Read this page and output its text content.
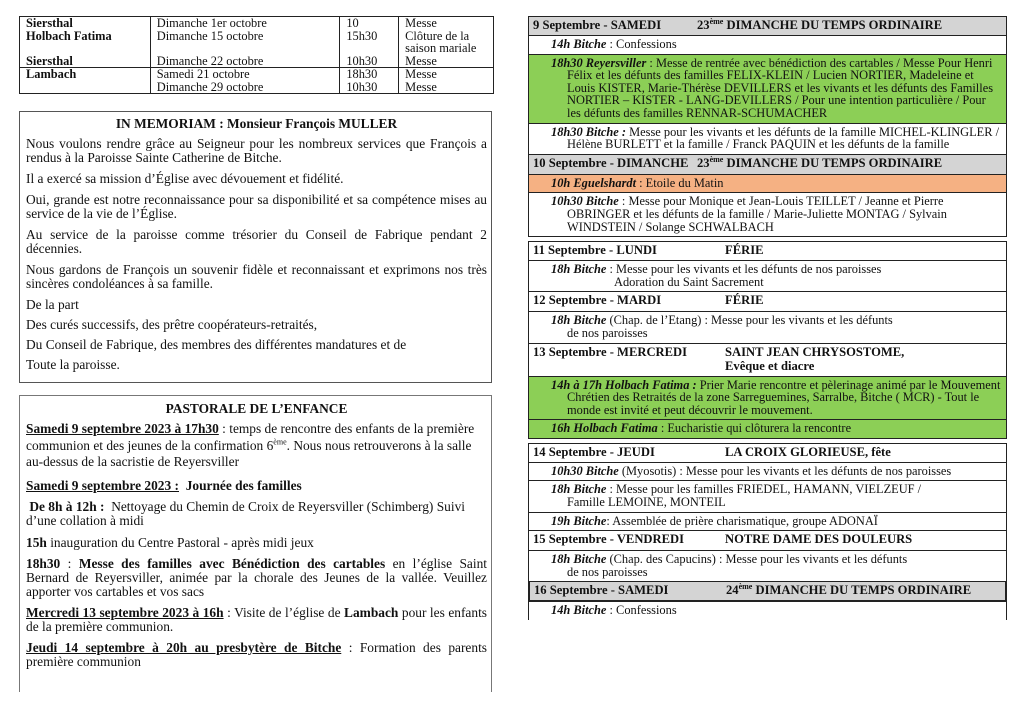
Siersthal	Dimanche 1er octobre	10	Messe
Holbach Fatima	Dimanche 15 octobre	15h30	Clôture de la saison mariale
Siersthal	Dimanche 22 octobre	10h30	Messe
Lambach	Samedi 21 octobre	18h30	Messe
	Dimanche 29 octobre	10h30	Messe
IN MEMORIAM : Monsieur François MULLER

Nous voulons rendre grâce au Seigneur pour les nombreux services que François a rendus à la Paroisse Sainte Catherine de Bitche.

Il a exercé sa mission d’Église avec dévouement et fidélité.

Oui, grande est notre reconnaissance pour sa disponibilité et sa compétence mises au service de la vie de l’Église.

Au service de la paroisse comme trésorier du Conseil de Fabrique pendant 2 décennies.

Nous gardons de François un souvenir fidèle et reconnaissant et exprimons nos très sincères condoléances à sa famille.

De la part

Des curés successifs, des prêtre coopérateurs-retraités,

Du Conseil de Fabrique, des membres des différentes mandatures et de

Toute la paroisse.

PASTORALE DE L’ENFANCE

Samedi 9 septembre 2023 à 17h30 : temps de rencontre des enfants de la première communion et des jeunes de la confirmation 6ème. Nous nous retrouverons à la salle au-dessus de la sacristie de Reyersviller

Samedi 9 septembre 2023 :  Journée des familles

De 8h à 12h :  Nettoyage du Chemin de Croix de Reyersviller (Schimberg) Suivi d’une collation à midi

15h inauguration du Centre Pastoral - après midi jeux

18h30 : Messe des familles avec Bénédiction des cartables en l’église Saint Bernard de Reyersviller, animée par la chorale des Jeunes de la vallée. Veuillez apporter vos cartables et vos sacs

Mercredi 13 septembre 2023 à 16h : Visite de l’église de Lambach pour les enfants de la première communion.

Jeudi 14 septembre à 20h au presbytère de Bitche : Formation des parents première communion

9 Septembre - SAMEDI	23ème DIMANCHE DU TEMPS ORDINAIRE
14h Bitche : Confessions
18h30 Reyersviller : Messe de rentrée avec bénédiction des cartables / Messe Pour Henri Félix et les défunts des familles FELIX-KLEIN / Lucien NORTIER, Madeleine et Louis KISTER, Marie-Thérèse DEVILLERS et les vivants et les défunts des Familles NORTIER – KISTER - LANG-DEVILLERS / Pour une intention particulière / Pour les défunts des familles RENNAR-SCHUMACHER
18h30 Bitche : Messe pour les vivants et les défunts de la famille MICHEL-KLINGLER / Hélène BURLETT et la famille / Franck PAQUIN et les défunts de la famille
10 Septembre - DIMANCHE 23ème DIMANCHE DU TEMPS ORDINAIRE
10h Eguelshardt : Etoile du Matin
10h30 Bitche : Messe pour Monique et Jean-Louis TEILLET / Jeanne et Pierre OBRINGER et les défunts de la famille / Marie-Juliette MONTAG / Sylvain WINDSTEIN / Solange SCHWALBACH
11 Septembre - LUNDI	FÉRIE
18h Bitche : Messe pour les vivants et les défunts de nos paroisses
Adoration du Saint Sacrement
12 Septembre - MARDI	FÉRIE
18h Bitche (Chap. de l’Etang) : Messe pour les vivants et les défunts
de nos paroisses
13 Septembre - MERCREDI	SAINT JEAN CHRYSOSTOME,
Evêque et diacre
14h à 17h Holbach Fatima : Prier Marie rencontre et pèlerinage animé par le Mouvement Chrétien des Retraités de la zone Sarreguemines, Sarralbe, Bitche ( MCR) - Tout le monde est invité et peut découvrir le mouvement.
16h Holbach Fatima : Eucharistie qui clôturera la rencontre
14 Septembre - JEUDI	LA CROIX GLORIEUSE, fête
10h30 Bitche (Myosotis) : Messe pour les vivants et les défunts de nos paroisses
18h Bitche : Messe pour les familles FRIEDEL, HAMANN, VIELZEUF /
Famille LEMOINE, MONTEIL
19h Bitche: Assemblée de prière charismatique, groupe ADONAÏ
15 Septembre - VENDREDI	NOTRE DAME DES DOULEURS
18h Bitche (Chap. des Capucins) : Messe pour les vivants et les défunts
de nos paroisses
16 Septembre - SAMEDI	24ème DIMANCHE DU TEMPS ORDINAIRE
14h Bitche : Confessions
